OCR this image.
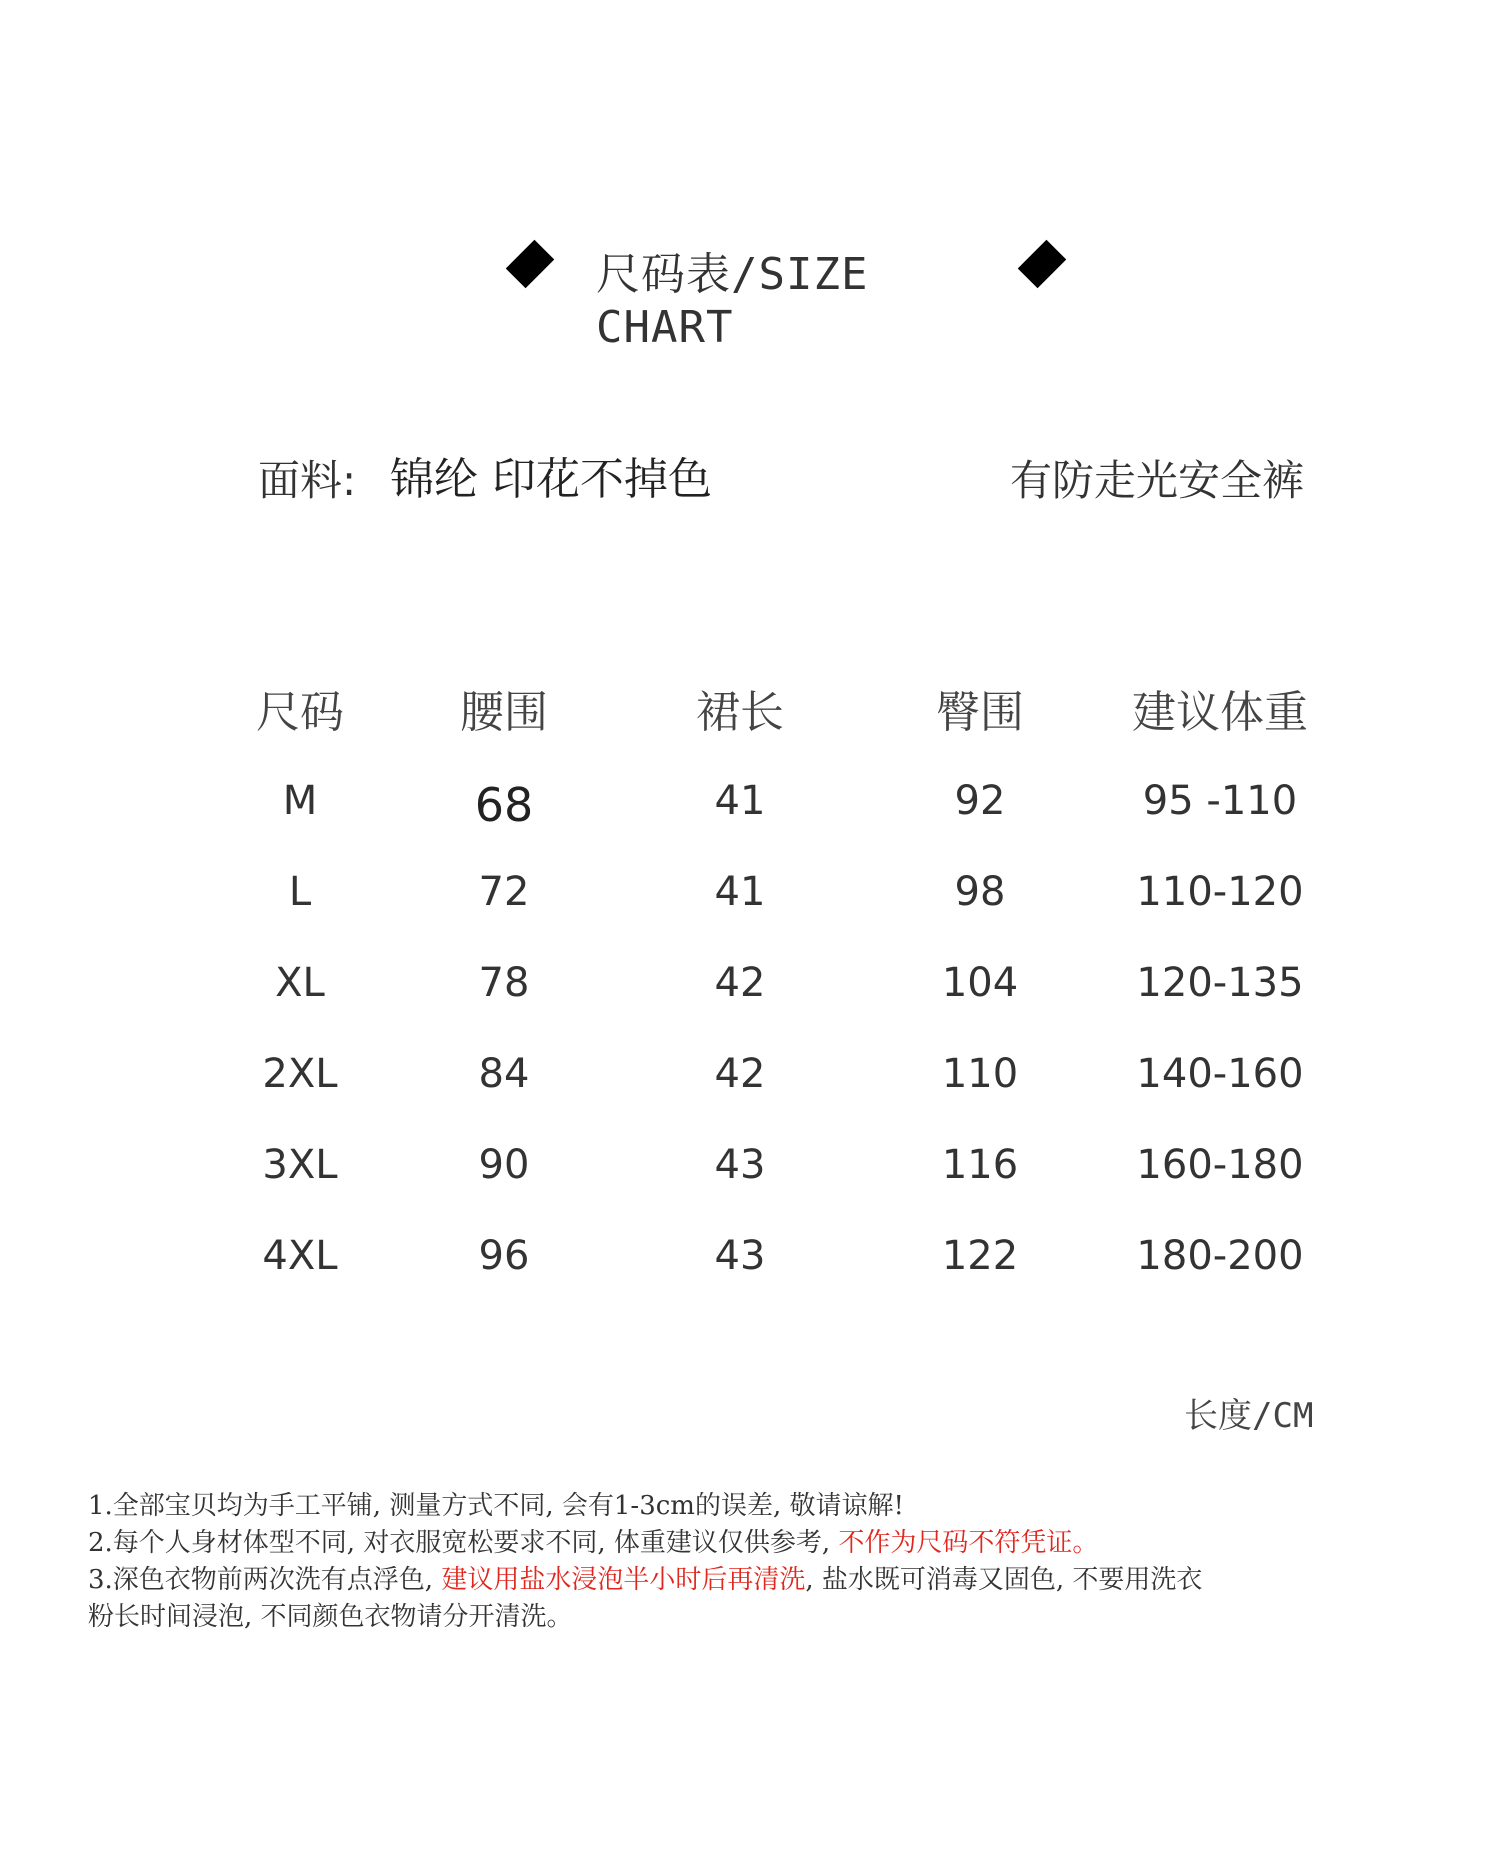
尺码表/SIZE CHART
面料: 锦纶 印花不掉色	有防走光安全裤
尺码	腰围	裙长	臀围	建议体重
M	68	41	92	95 -110
L	72	41	98	110-120
XL	78	42	104	120-135
2XL	84	42	110	140-160
3XL	90	43	116	160-180
4XL	96	43	122	180-200
长度/CM
1.全部宝贝均为手工平铺, 测量方式不同, 会有1-3cm的误差, 敬请谅解!
2.每个人身材体型不同, 对衣服宽松要求不同, 体重建议仅供参考, 不作为尺码不符凭证。
3.深色衣物前两次洗有点浮色, 建议用盐水浸泡半小时后再清洗, 盐水既可消毒又固色, 不要用洗衣
粉长时间浸泡, 不同颜色衣物请分开清洗。
